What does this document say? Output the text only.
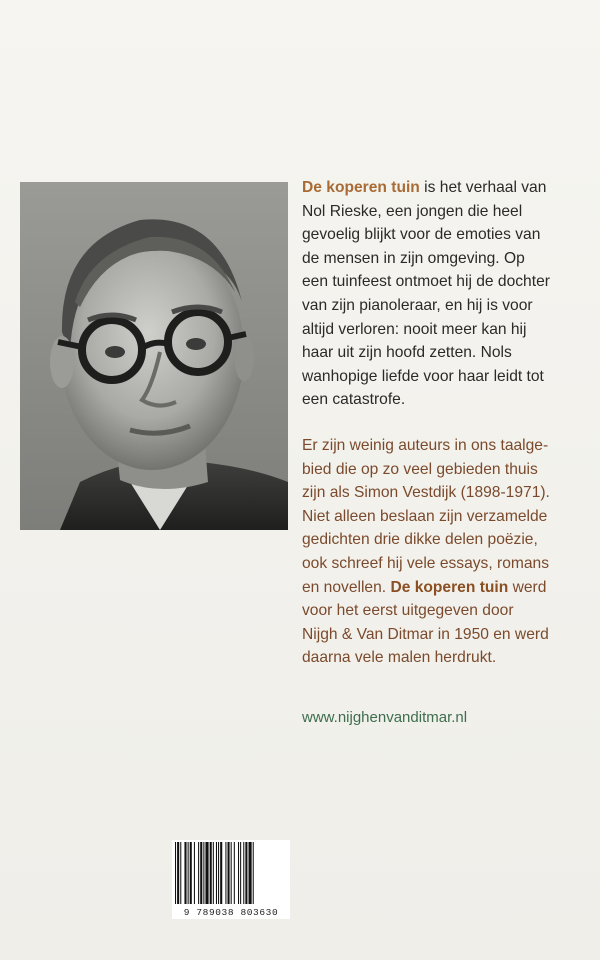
De koperen tuin is het verhaal van
Nol Rieske, een jongen die heel
gevoelig blijkt voor de emoties van
de mensen in zijn omgeving. Op
een tuinfeest ontmoet hij de dochter
van zijn pianoleraar, en hij is voor
altijd verloren: nooit meer kan hij
haar uit zijn hoofd zetten. Nols
wanhopige liefde voor haar leidt tot
een catastrofe.
Er zijn weinig auteurs in ons taalge-
bied die op zo veel gebieden thuis
zijn als Simon Vestdijk (1898-1971).
Niet alleen beslaan zijn verzamelde
gedichten drie dikke delen poëzie,
ook schreef hij vele essays, romans
en novellen. De koperen tuin werd
voor het eerst uitgegeven door
Nijgh & Van Ditmar in 1950 en werd
daarna vele malen herdrukt.
www.nijghenvanditmar.nl
9 789038 803630
